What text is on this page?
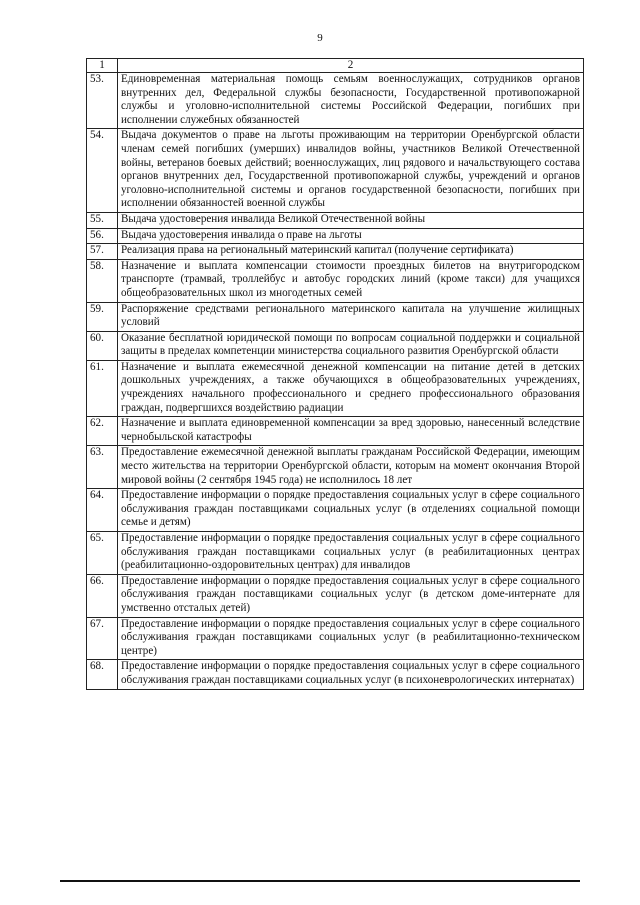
9
1	2
53.	Единовременная материальная помощь семьям военнослужащих, сотрудников органов внутренних дел, Федеральной службы безопасности, Государственной противопожарной службы и уголовно-исполнительной системы Российской Федерации, погибших при исполнении служебных обязанностей
54.	Выдача документов о праве на льготы проживающим на территории Оренбургской области членам семей погибших (умерших) инвалидов войны, участников Великой Отечественной войны, ветеранов боевых действий; военнослужащих, лиц рядового и начальствующего состава органов внутренних дел, Государственной противопожарной службы, учреждений и органов уголовно-исполнительной системы и органов государственной безопасности, погибших при исполнении обязанностей военной службы
55.	Выдача удостоверения инвалида Великой Отечественной войны
56.	Выдача удостоверения инвалида о праве на льготы
57.	Реализация права на региональный материнский капитал (получение сертификата)
58.	Назначение и выплата компенсации стоимости проездных билетов на внутригородском транспорте (трамвай, троллейбус и автобус городских линий (кроме такси) для учащихся общеобразовательных школ из многодетных семей
59.	Распоряжение средствами регионального материнского капитала на улучшение жилищных условий
60.	Оказание бесплатной юридической помощи по вопросам социальной поддержки и социальной защиты в пределах компетенции министерства социального развития Оренбургской области
61.	Назначение и выплата ежемесячной денежной компенсации на питание детей в детских дошкольных учреждениях, а также обучающихся в общеобразовательных учреждениях, учреждениях начального профессионального и среднего профессионального образования граждан, подвергшихся воздействию радиации
62.	Назначение и выплата единовременной компенсации за вред здоровью, нанесенный вследствие чернобыльской катастрофы
63.	Предоставление ежемесячной денежной выплаты гражданам Российской Федерации, имеющим место жительства на территории Оренбургской области, которым на момент окончания Второй мировой войны (2 сентября 1945 года) не исполнилось 18 лет
64.	Предоставление информации о порядке предоставления социальных услуг в сфере социального обслуживания граждан поставщиками социальных услуг (в отделениях социальной помощи семье и детям)
65.	Предоставление информации о порядке предоставления социальных услуг в сфере социального обслуживания граждан поставщиками социальных услуг (в реабилитационных центрах (реабилитационно-оздоровительных центрах) для инвалидов
66.	Предоставление информации о порядке предоставления социальных услуг в сфере социального обслуживания граждан поставщиками социальных услуг (в детском доме-интернате для умственно отсталых детей)
67.	Предоставление информации о порядке предоставления социальных услуг в сфере социального обслуживания граждан поставщиками социальных услуг (в реабилитационно-техническом центре)
68.	Предоставление информации о порядке предоставления социальных услуг в сфере социального обслуживания граждан поставщиками социальных услуг (в психоневрологических интернатах)
